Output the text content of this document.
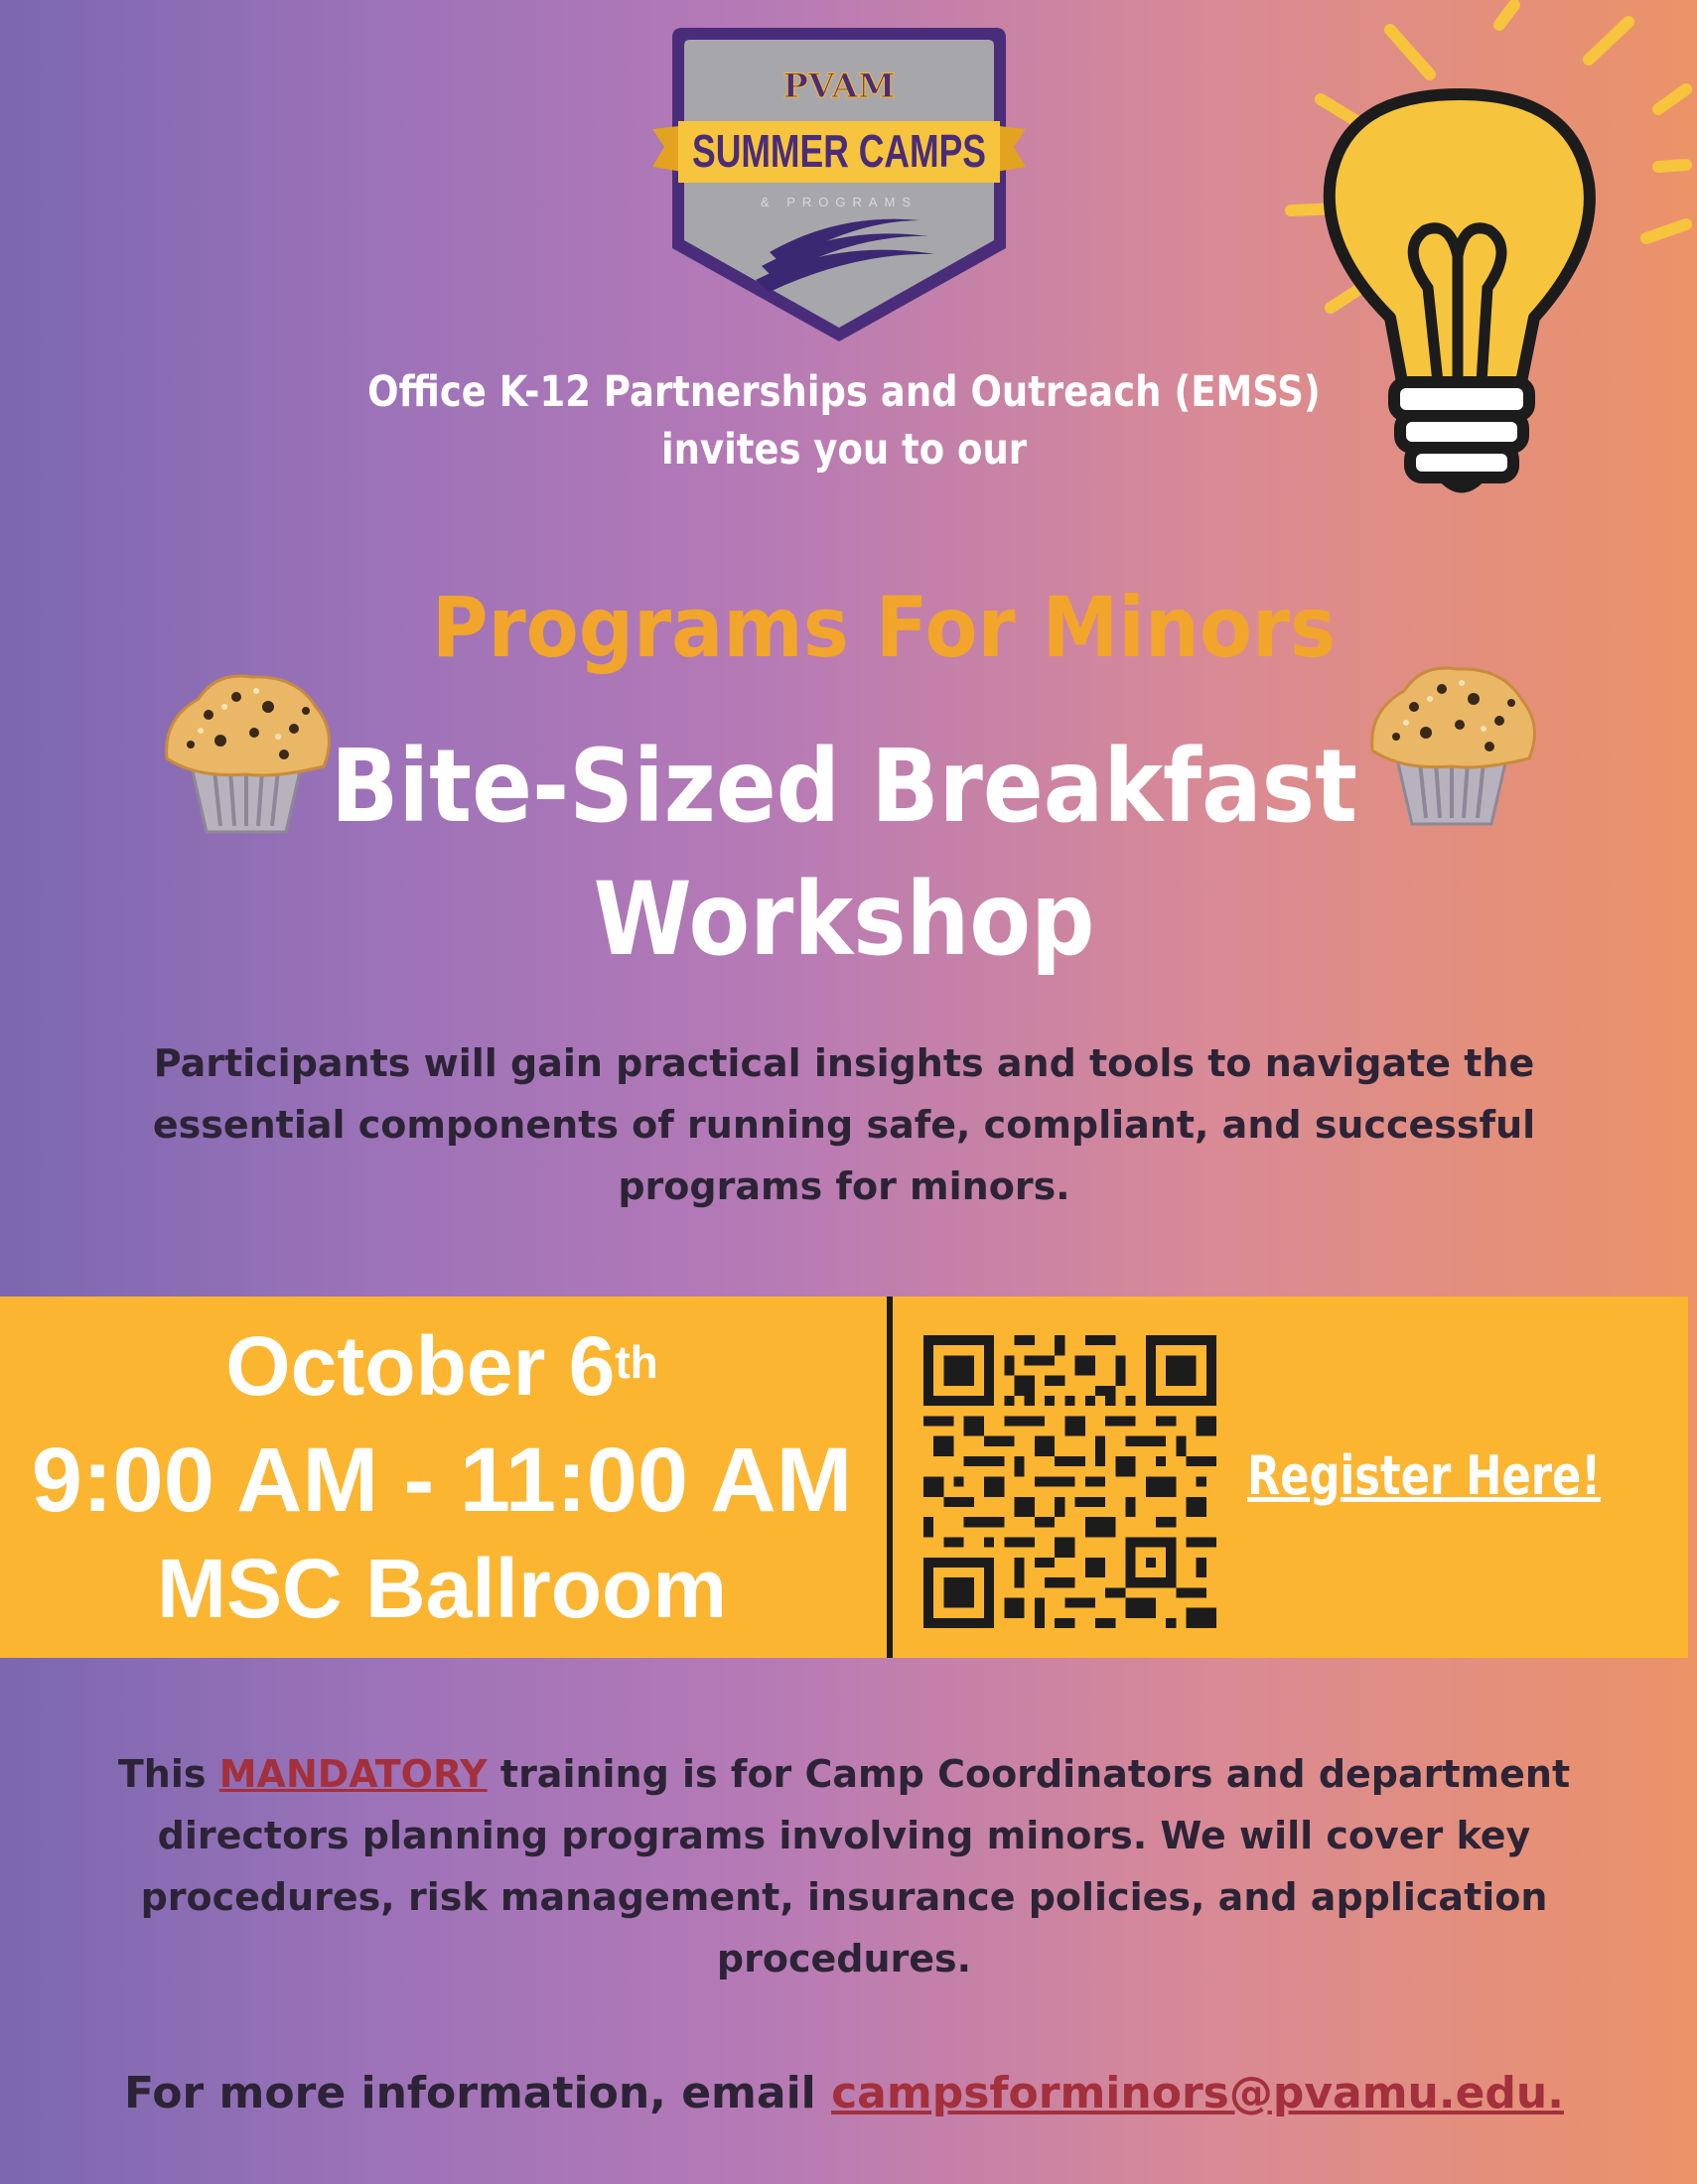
PVAM
SUMMER CAMPS
& PROGRAMS
Office K-12 Partnerships and Outreach (EMSS)
invites you to our
Programs For Minors
Bite-Sized Breakfast
Workshop
Participants will gain practical insights and tools to navigate the essential components of running safe, compliant, and successful programs for minors.
October 6th
9:00 AM - 11:00 AM
MSC Ballroom
Register Here!
This MANDATORY training is for Camp Coordinators and department directors planning programs involving minors. We will cover key procedures, risk management, insurance policies, and application procedures.
For more information, email campsforminors@pvamu.edu.
